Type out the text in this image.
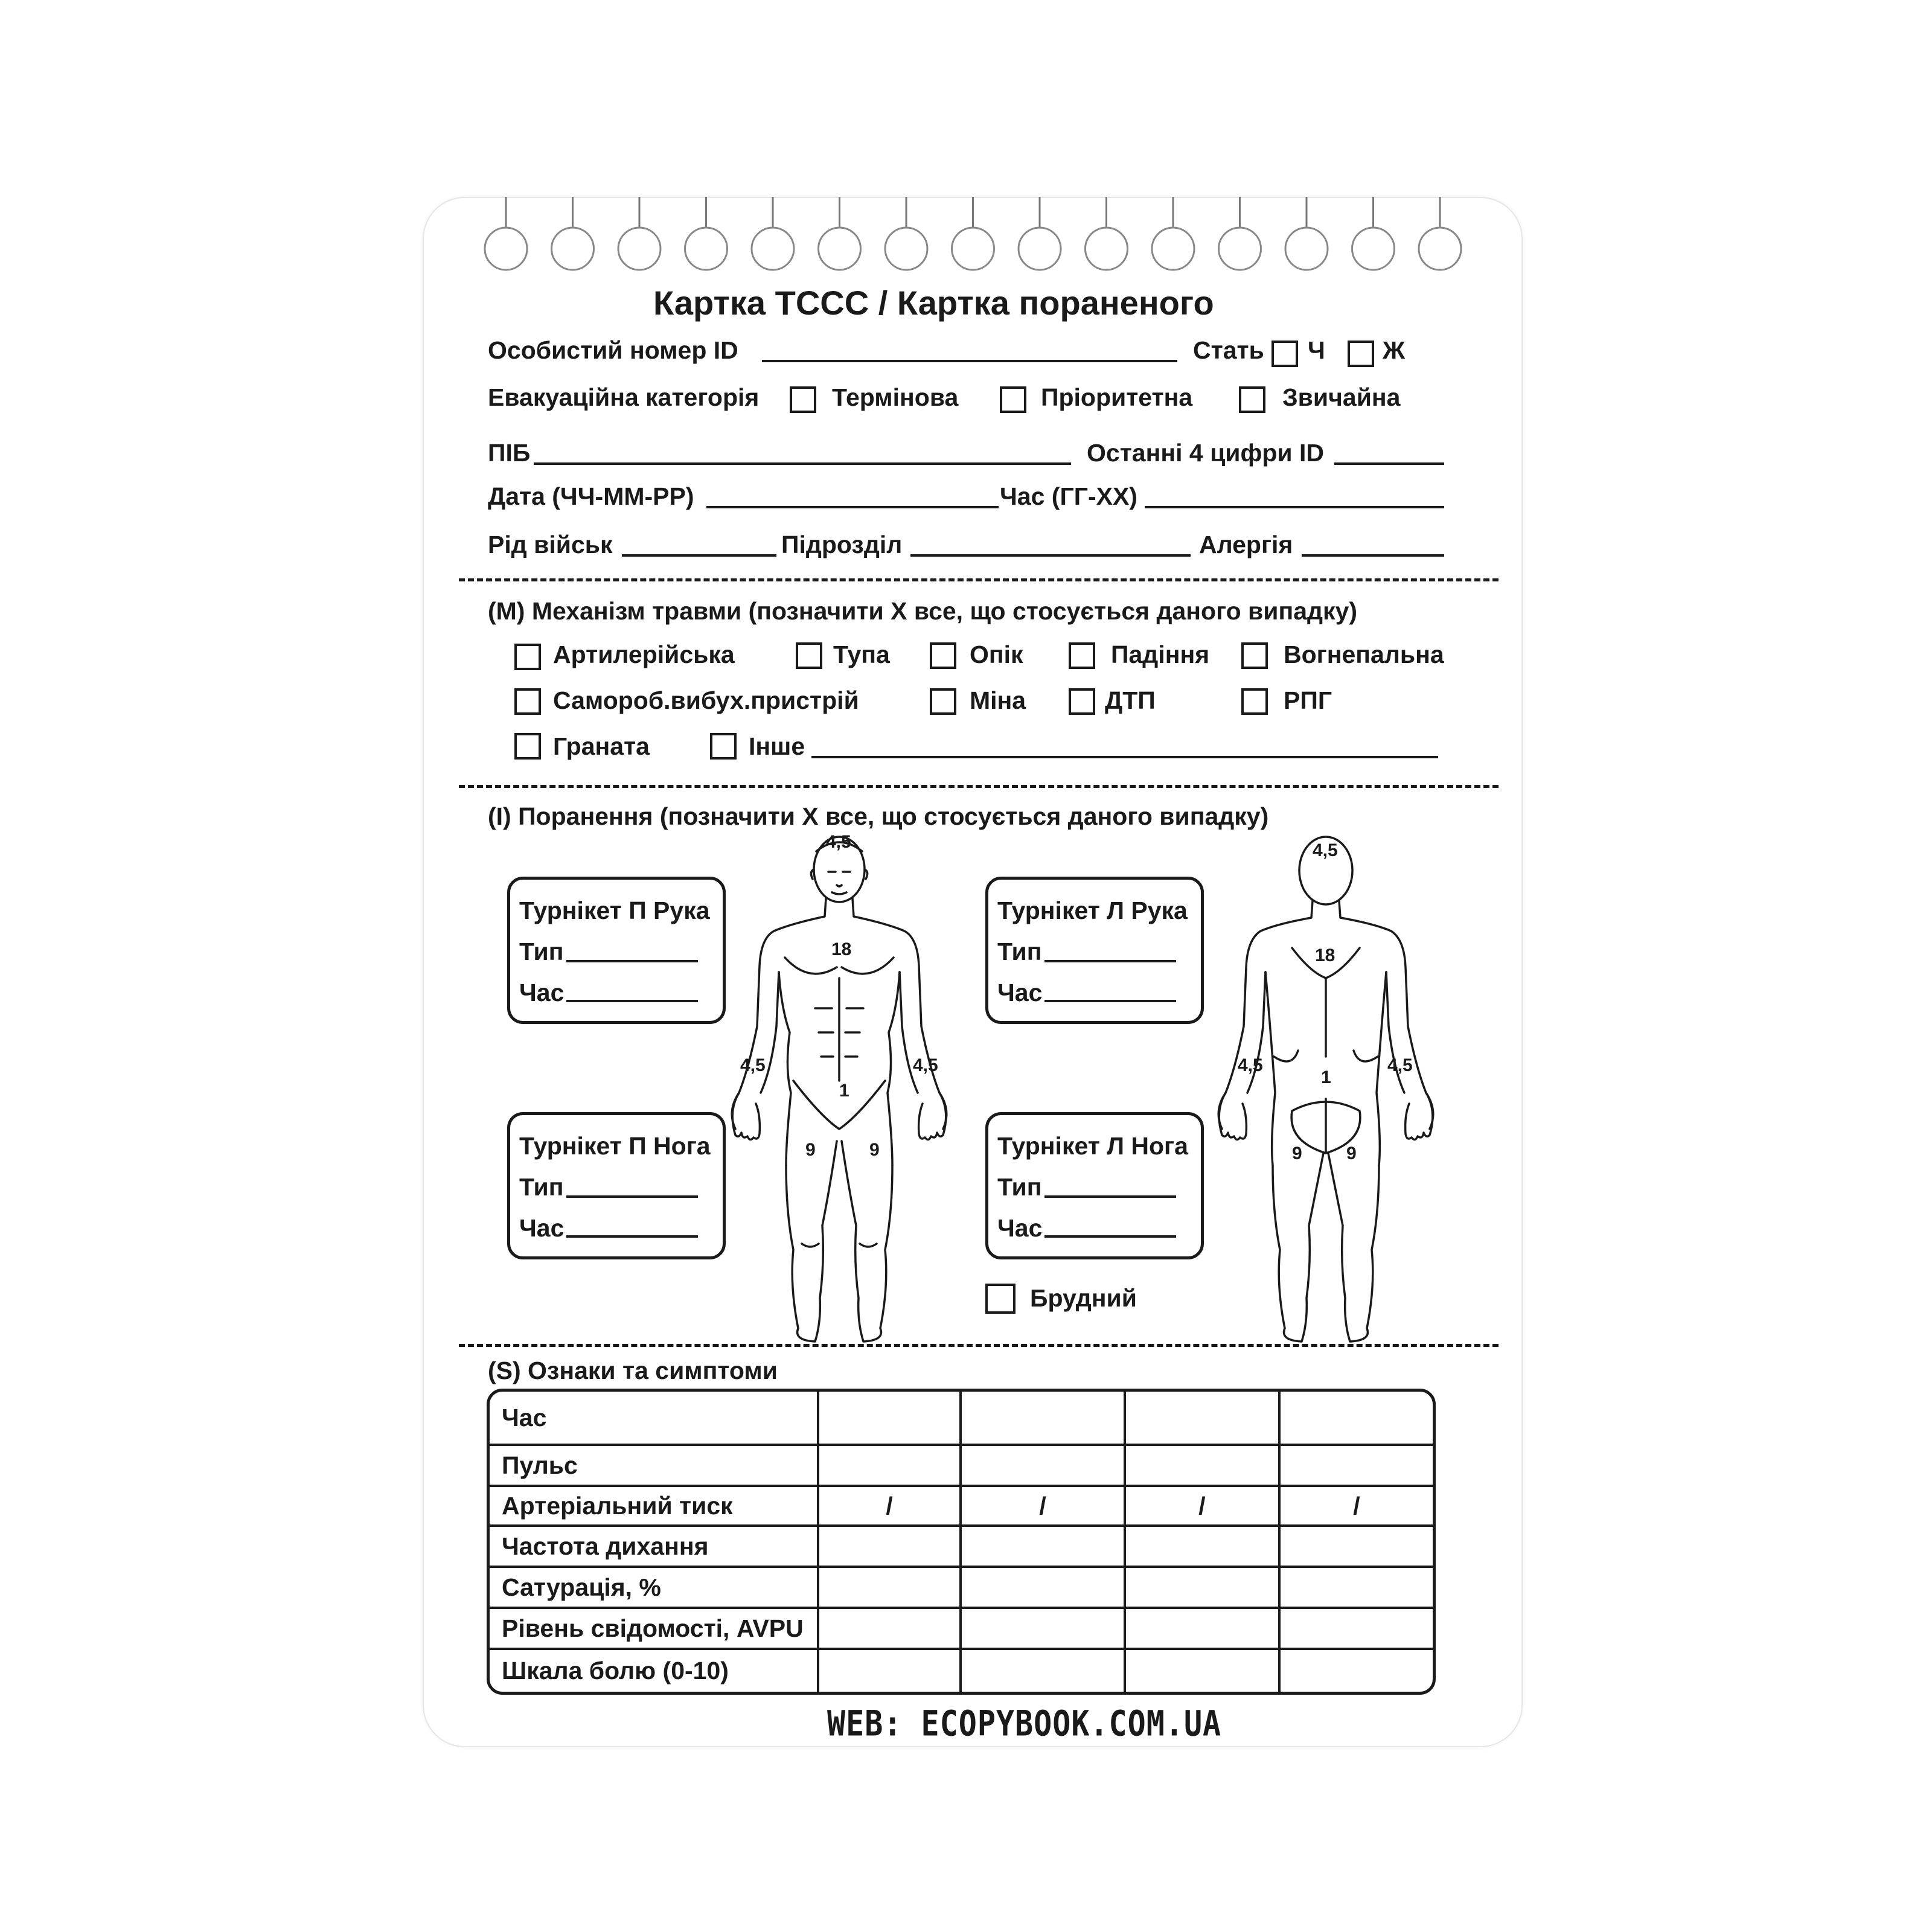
Картка TCCC / Картка пораненого
Особистий номер ID	Стать Ч Ж
Евакуаційна категорія	Термінова	Пріоритетна	Звичайна
ПІБ	Останні 4 цифри ID
Дата (ЧЧ-ММ-РР)	Час (ГГ-ХХ)
Рід військ	Підрозділ	Алергія
(М) Механізм травми (позначити Х все, що стосується даного випадку)
Артилерійська	Тупа	Опік	Падіння	Вогнепальна
Самороб.вибух.пристрій	Міна	ДТП	РПГ
Граната	Інше
(І) Поранення (позначити Х все, що стосується даного випадку)
Турнікет П Рука
Тип
Час
Турнікет Л Рука
Тип
Час
Турнікет П Нога
Тип
Час
Турнікет Л Нога
Тип
Час
Брудний
4,5
18
4,5	4,5
1
9	9
4,5
18
4,5	4,5
1
9 9
(S) Ознаки та симптоми
Час				
Пульс				
Артеріальний тиск	/	/	/	/
Частота дихання				
Сатурація, %				
Рівень свідомості, AVPU				
Шкала болю (0-10)				
WEB: ECOPYBOOK.COM.UA
